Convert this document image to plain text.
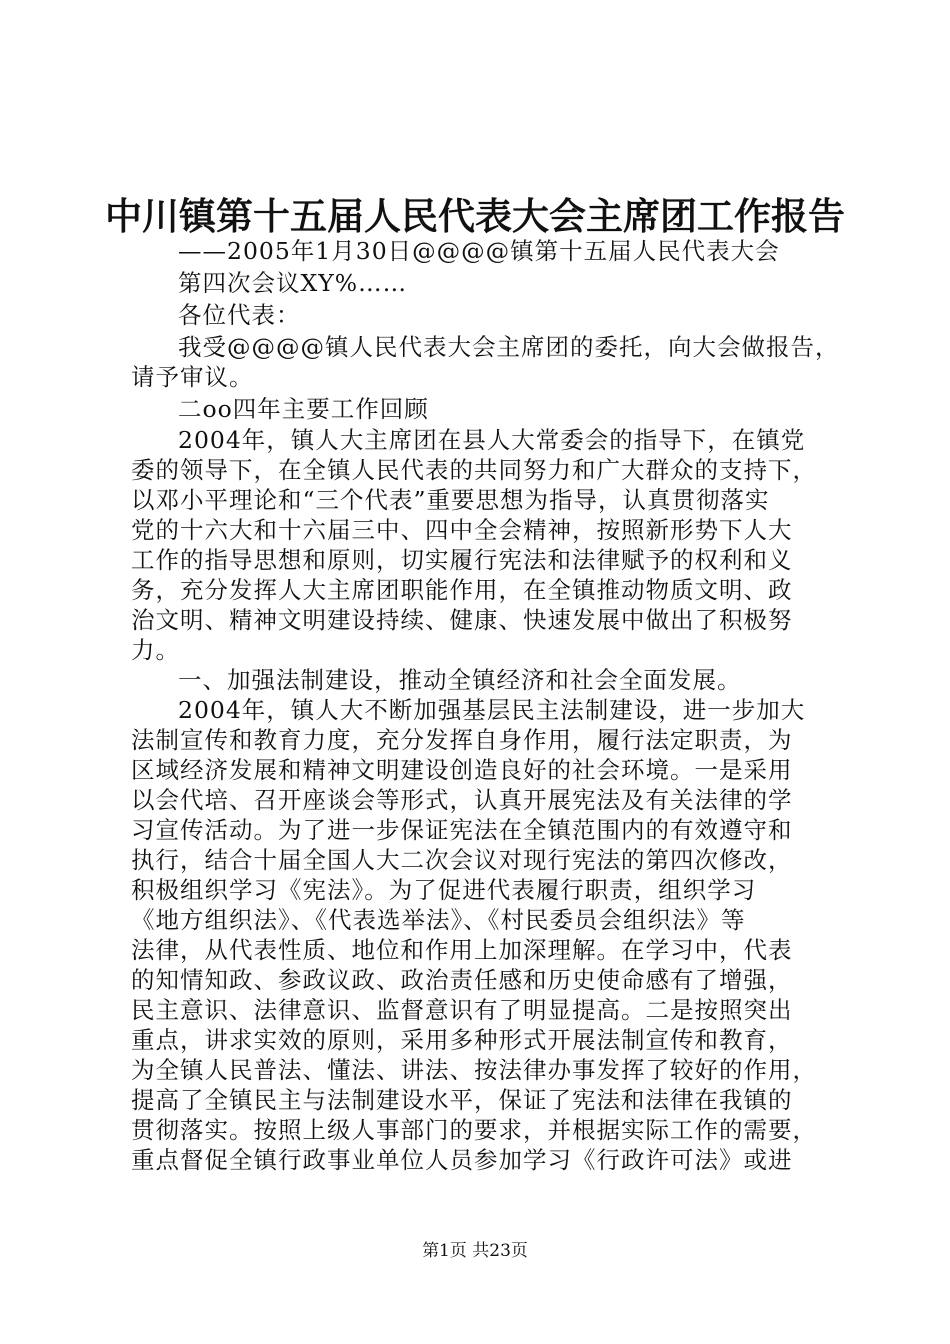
中川镇第十五届人民代表大会主席团工作报告
——2005年1月30日@@@@镇第十五届人民代表大会
第四次会议XY%……
各位代表：
我受@@@@镇人民代表大会主席团的委托，向大会做报告，
请予审议。
二oo四年主要工作回顾
2004年，镇人大主席团在县人大常委会的指导下，在镇党
委的领导下，在全镇人民代表的共同努力和广大群众的支持下，
以邓小平理论和“三个代表”重要思想为指导，认真贯彻落实
党的十六大和十六届三中、四中全会精神，按照新形势下人大
工作的指导思想和原则，切实履行宪法和法律赋予的权利和义
务，充分发挥人大主席团职能作用，在全镇推动物质文明、政
治文明、精神文明建设持续、健康、快速发展中做出了积极努
力。
一、加强法制建设，推动全镇经济和社会全面发展。
2004年，镇人大不断加强基层民主法制建设，进一步加大
法制宣传和教育力度，充分发挥自身作用，履行法定职责，为
区域经济发展和精神文明建设创造良好的社会环境。一是采用
以会代培、召开座谈会等形式，认真开展宪法及有关法律的学
习宣传活动。为了进一步保证宪法在全镇范围内的有效遵守和
执行，结合十届全国人大二次会议对现行宪法的第四次修改，
积极组织学习《宪法》。为了促进代表履行职责，组织学习
《地方组织法》、《代表选举法》、《村民委员会组织法》等
法律，从代表性质、地位和作用上加深理解。在学习中，代表
的知情知政、参政议政、政治责任感和历史使命感有了增强，
民主意识、法律意识、监督意识有了明显提高。二是按照突出
重点，讲求实效的原则，采用多种形式开展法制宣传和教育，
为全镇人民普法、懂法、讲法、按法律办事发挥了较好的作用，
提高了全镇民主与法制建设水平，保证了宪法和法律在我镇的
贯彻落实。按照上级人事部门的要求，并根据实际工作的需要，
重点督促全镇行政事业单位人员参加学习《行政许可法》或进
第1页 共23页
